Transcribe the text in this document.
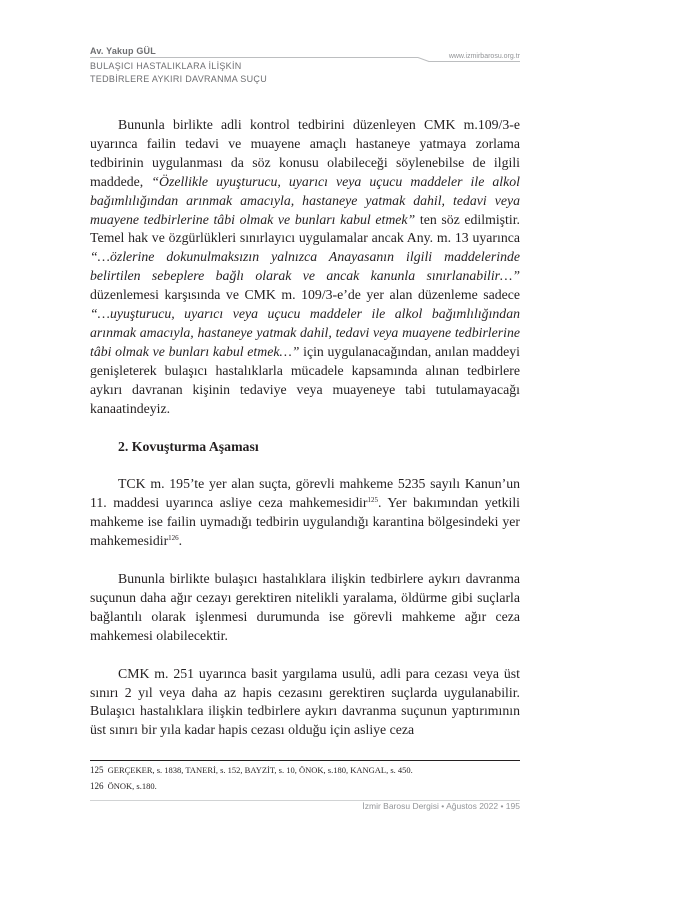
Av. Yakup GÜL
www.izmirbarosu.org.tr
BULAŞICI HASTALIKLARA İLİŞKİN
TEDBİRLERE AYKIRI DAVRANMA SUÇU

Bununla birlikte adli kontrol tedbirini düzenleyen CMK m.109/3-e uyarınca failin tedavi ve muayene amaçlı hastaneye yatmaya zorlama tedbirinin uygulanması da söz konusu olabileceği söylenebilse de ilgili maddede, “Özellikle uyuşturucu, uyarıcı veya uçucu maddeler ile alkol bağımlılığından arınmak amacıyla, hastaneye yatmak dahil, tedavi veya muayene tedbirlerine tâbi olmak ve bunları kabul etmek” ten söz edilmiştir. Temel hak ve özgürlükleri sınırlayıcı uygulamalar ancak Any. m. 13 uyarınca “…özlerine dokunulmaksızın yalnızca Anayasanın ilgili maddelerinde belirtilen sebeplere bağlı olarak ve ancak kanunla sınırlanabilir…” düzenlemesi karşısında ve CMK m. 109/3-e’de yer alan düzenleme sadece “…uyuşturucu, uyarıcı veya uçucu maddeler ile alkol bağımlılığından arınmak amacıyla, hastaneye yatmak dahil, tedavi veya muayene tedbirlerine tâbi olmak ve bunları kabul etmek…” için uygulanacağından, anılan maddeyi genişleterek bulaşıcı hastalıklarla mücadele kapsamında alınan tedbirlere aykırı davranan kişinin tedaviye veya muayeneye tabi tutulamayacağı kanaatindeyiz.

2. Kovuşturma Aşaması

TCK m. 195’te yer alan suçta, görevli mahkeme 5235 sayılı Kanun’un 11. maddesi uyarınca asliye ceza mahkemesidir$^{125}$. Yer bakımından yetkili mahkeme ise failin uymadığı tedbirin uygulandığı karantina bölgesindeki yer mahkemesidir$^{126}$.

Bununla birlikte bulaşıcı hastalıklara ilişkin tedbirlere aykırı davranma suçunun daha ağır cezayı gerektiren nitelikli yaralama, öldürme gibi suçlarla bağlantılı olarak işlenmesi durumunda ise görevli mahkeme ağır ceza mahkemesi olabilecektir.

CMK m. 251 uyarınca basit yargılama usulü, adli para cezası veya üst sınırı 2 yıl veya daha az hapis cezasını gerektiren suçlarda uygulanabilir. Bulaşıcı hastalıklara ilişkin tedbirlere aykırı davranma suçunun yaptırımının üst sınırı bir yıla kadar hapis cezası olduğu için asliye ceza

125 GERÇEKER, s. 1838, TANERİ, s. 152, BAYZİT, s. 10, ÖNOK, s.180, KANGAL, s. 450.

126 ÖNOK, s.180.

İzmir Barosu Dergisi • Ağustos 2022 • 195
